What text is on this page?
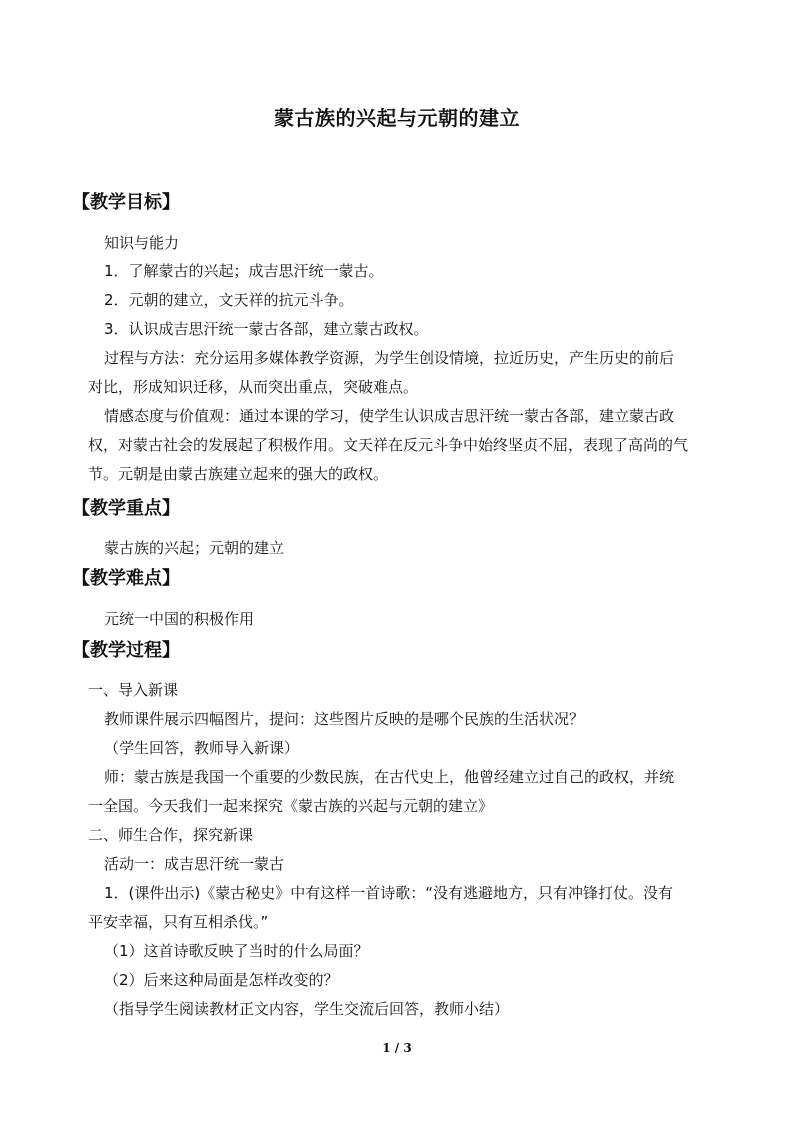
蒙古族的兴起与元朝的建立
【教学目标】
知识与能力
1．了解蒙古的兴起；成吉思汗统一蒙古。
2．元朝的建立，文天祥的抗元斗争。
3．认识成吉思汗统一蒙古各部，建立蒙古政权。
过程与方法：充分运用多媒体教学资源，为学生创设情境，拉近历史，产生历史的前后
对比，形成知识迁移，从而突出重点，突破难点。
情感态度与价值观：通过本课的学习，使学生认识成吉思汗统一蒙古各部，建立蒙古政
权，对蒙古社会的发展起了积极作用。文天祥在反元斗争中始终坚贞不屈，表现了高尚的气
节。元朝是由蒙古族建立起来的强大的政权。
【教学重点】
蒙古族的兴起；元朝的建立
【教学难点】
元统一中国的积极作用
【教学过程】
一、导入新课
教师课件展示四幅图片，提问：这些图片反映的是哪个民族的生活状况？
（学生回答，教师导入新课）
师：蒙古族是我国一个重要的少数民族，在古代史上，他曾经建立过自己的政权，并统
一全国。今天我们一起来探究《蒙古族的兴起与元朝的建立》
二、师生合作，探究新课
活动一：成吉思汗统一蒙古
1．(课件出示)《蒙古秘史》中有这样一首诗歌：“没有逃避地方，只有冲锋打仗。没有
平安幸福，只有互相杀伐。”
（1）这首诗歌反映了当时的什么局面？
（2）后来这种局面是怎样改变的？
（指导学生阅读教材正文内容，学生交流后回答，教师小结）
1 / 3
